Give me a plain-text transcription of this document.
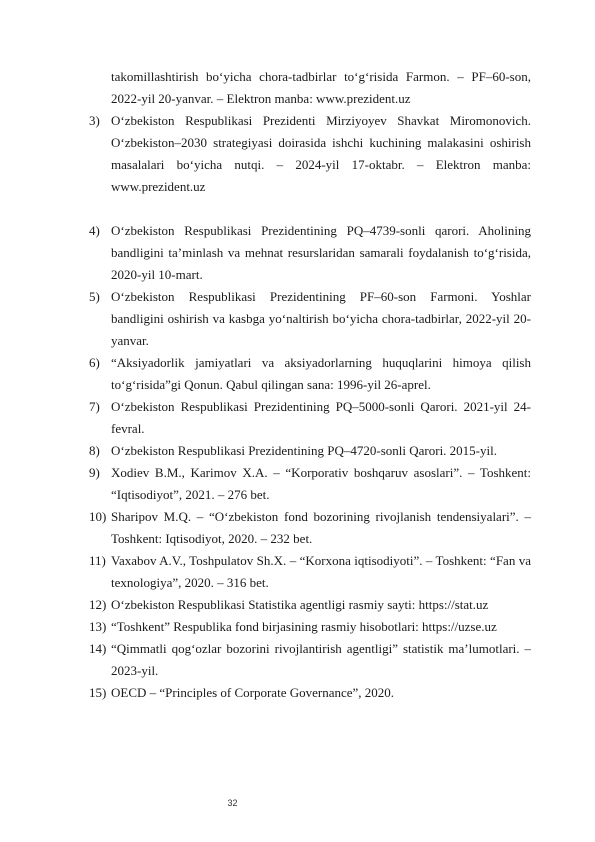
takomillashtirish bo‘yicha chora-tadbirlar to‘g‘risida Farmon. – PF–60-son, 2022-yil 20-yanvar. – Elektron manba: www.prezident.uz
3) O‘zbekiston Respublikasi Prezidenti Mirziyoyev Shavkat Miromonovich. O‘zbekiston–2030 strategiyasi doirasida ishchi kuchining malakasini oshirish masalalari bo‘yicha nutqi. – 2024-yil 17-oktabr. – Elektron manba: www.prezident.uz
4) O‘zbekiston Respublikasi Prezidentining PQ–4739-sonli qarori. Aholining bandligini ta’minlash va mehnat resurslaridan samarali foydalanish to‘g‘risida, 2020-yil 10-mart.
5) O‘zbekiston Respublikasi Prezidentining PF–60-son Farmoni. Yoshlar bandligini oshirish va kasbga yo‘naltirish bo‘yicha chora-tadbirlar, 2022-yil 20-yanvar.
6) “Aksiyadorlik jamiyatlari va aksiyadorlarning huquqlarini himoya qilish to‘g‘risida”gi Qonun. Qabul qilingan sana: 1996-yil 26-aprel.
7) O‘zbekiston Respublikasi Prezidentining PQ–5000-sonli Qarori. 2021-yil 24-fevral.
8) O‘zbekiston Respublikasi Prezidentining PQ–4720-sonli Qarori. 2015-yil.
9) Xodiev B.M., Karimov X.A. – “Korporativ boshqaruv asoslari”. – Toshkent: “Iqtisodiyot”, 2021. – 276 bet.
10) Sharipov M.Q. – “O‘zbekiston fond bozorining rivojlanish tendensiyalari”. – Toshkent: Iqtisodiyot, 2020. – 232 bet.
11) Vaxabov A.V., Toshpulatov Sh.X. – “Korxona iqtisodiyoti”. – Toshkent: “Fan va texnologiya”, 2020. – 316 bet.
12) O‘zbekiston Respublikasi Statistika agentligi rasmiy sayti: https://stat.uz
13) “Toshkent” Respublika fond birjasining rasmiy hisobotlari: https://uzse.uz
14) “Qimmatli qog‘ozlar bozorini rivojlantirish agentligi” statistik ma’lumotlari. – 2023-yil.
15) OECD – “Principles of Corporate Governance”, 2020.
32
